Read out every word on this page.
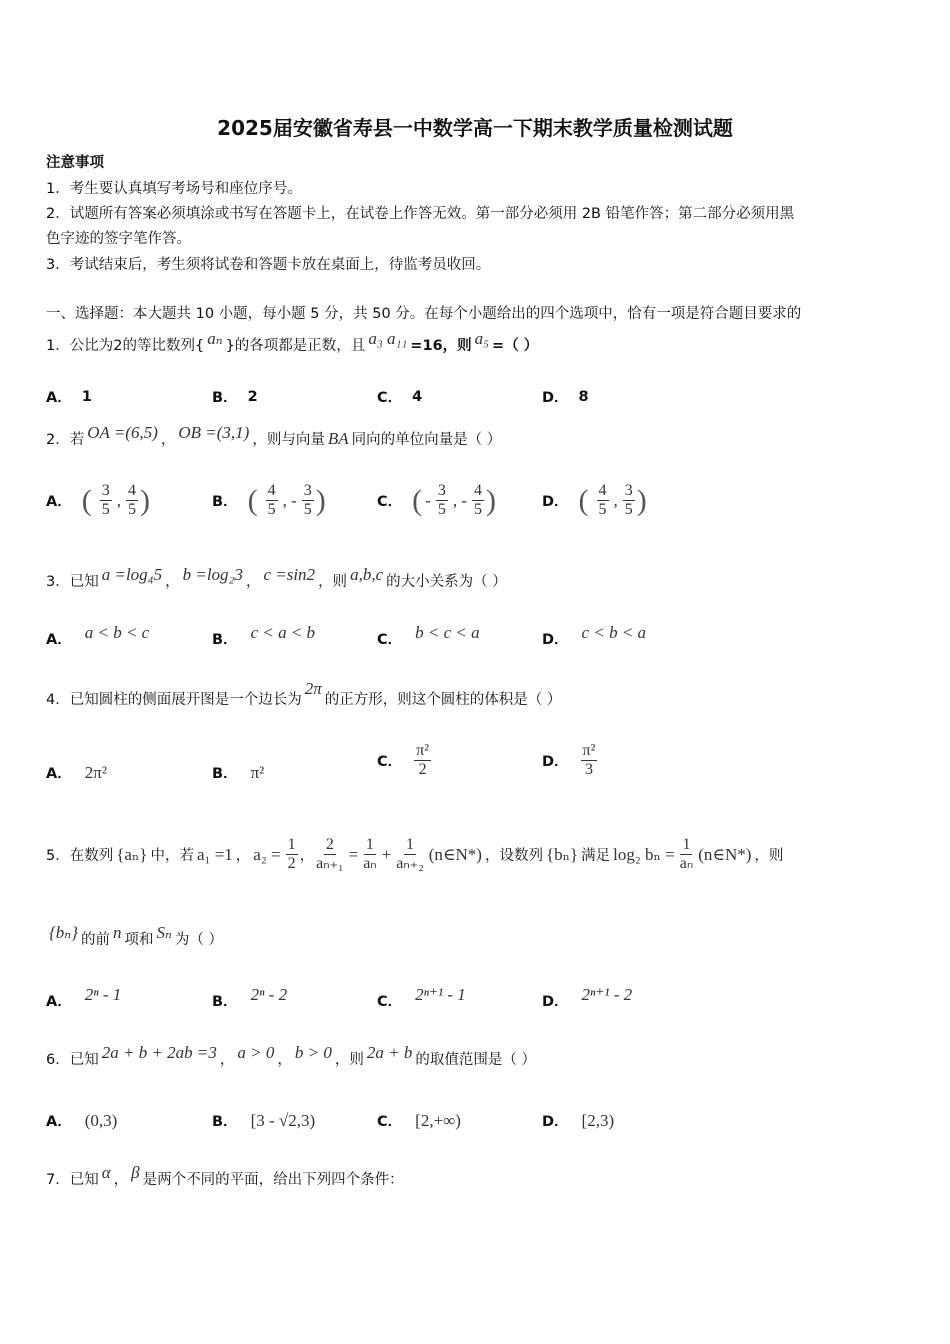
2025届安徽省寿县一中数学高一下期末教学质量检测试题
注意事项
1．考生要认真填写考场号和座位序号。
2．试题所有答案必须填涂或书写在答题卡上，在试卷上作答无效。第一部分必须用 2B 铅笔作答；第二部分必须用黑
色字迹的签字笔作答。
3．考试结束后，考生须将试卷和答题卡放在桌面上，待监考员收回。
一、选择题：本大题共 10 小题，每小题 5 分，共 50 分。在每个小题给出的四个选项中，恰有一项是符合题目要求的
1．公比为2的等比数列{ aₙ }的各项都是正数，且 a₃ a₁₁ =16，则 a₅ =（ ）
A． 1	B． 2	C． 4	D． 8
2．若 OA =(6,5) ， OB =(3,1) ，则与向量 BA 同向的单位向量是（ ）
A． ( $\frac{3}{5}$ , $\frac{4}{5}$ )	B． ( $\frac{4}{5}$ , - $\frac{3}{5}$ )	C． ( - $\frac{3}{5}$ , - $\frac{4}{5}$ )	D． ( $\frac{4}{5}$ , $\frac{3}{5}$ )
3．已知 a =log₄5 ， b =log₂3 ， c =sin2 ，则 a,b,c 的大小关系为（ ）
A． a < b < c	B． c < a < b	C． b < c < a	D． c < b < a
4．已知圆柱的侧面展开图是一个边长为
2π
的正方形，则这个圆柱的体积是（ ）
A． 2π²	B． π²
C． $\frac{\text{π²}}{2}$	D． $\frac{\text{π²}}{3}$
5．在数列 {aₙ} 中，若 a₁ =1 ， $a_2 = \frac{1}{2}$ ， $\frac{2}{\text{aₙ₊₁}} = \frac{1}{\text{aₙ}} + \frac{1}{\text{aₙ₊₂}}$ (n∈N*) ，设数列 {bₙ} 满足 log₂ $b_n = \frac{1}{\text{aₙ}}$ (n∈N*) ，则
{bₙ} 的前 n 项和 Sₙ 为（ ）
A． 2ⁿ - 1	B． 2ⁿ - 2	C． 2ⁿ⁺¹ - 1	D． 2ⁿ⁺¹ - 2
6．已知 2a + b + 2ab =3 ， a > 0 ， b > 0 ，则 2a + b 的取值范围是（ ）
A． (0,3)	B． [3 - √2,3)	C． [2,+∞)	D． [2,3)
7．已知 α ， β 是两个不同的平面，给出下列四个条件：
